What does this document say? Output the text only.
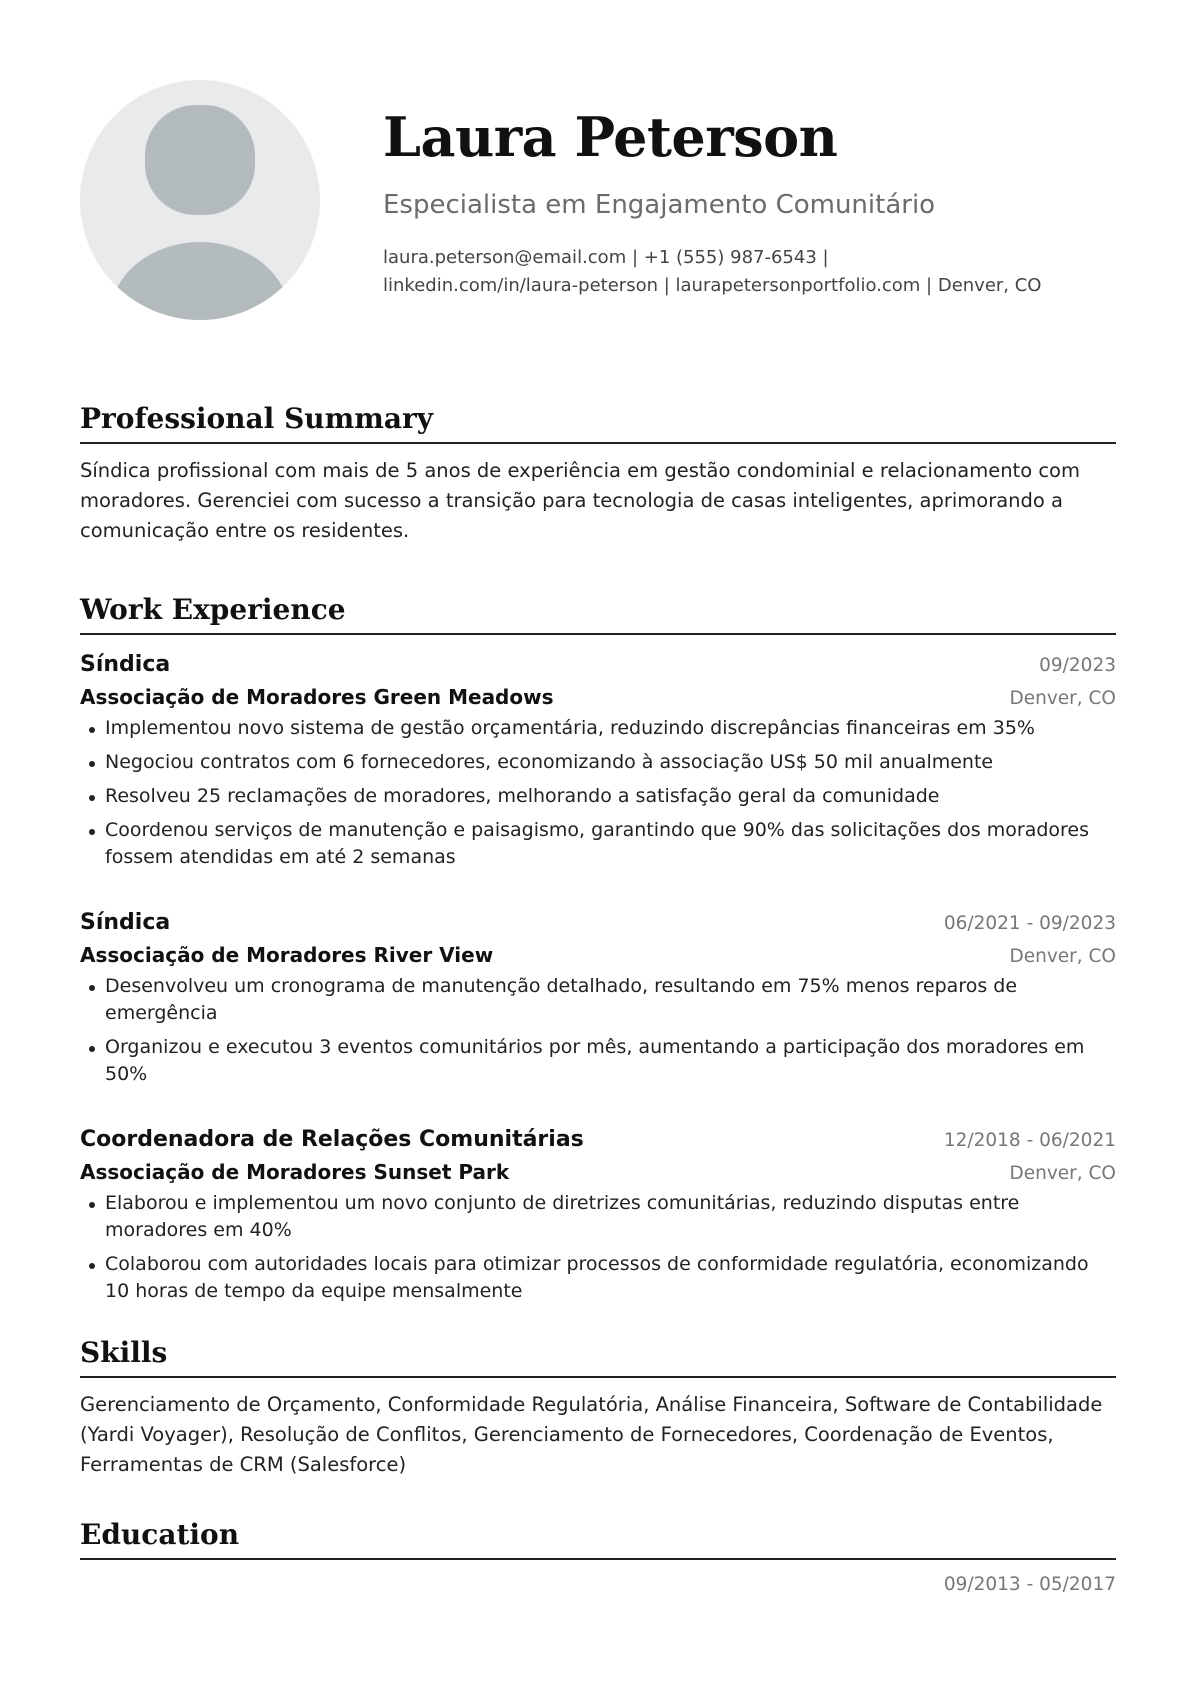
Laura Peterson
Especialista em Engajamento Comunitário
laura.peterson@email.com | +1 (555) 987-6543 |
linkedin.com/in/laura-peterson | laurapetersonportfolio.com | Denver, CO
Professional Summary
Síndica profissional com mais de 5 anos de experiência em gestão condominial e relacionamento com moradores. Gerenciei com sucesso a transição para tecnologia de casas inteligentes, aprimorando a comunicação entre os residentes.
Work Experience
Síndica	09/2023
Associação de Moradores Green Meadows	Denver, CO
Implementou novo sistema de gestão orçamentária, reduzindo discrepâncias financeiras em 35%
Negociou contratos com 6 fornecedores, economizando à associação US$ 50 mil anualmente
Resolveu 25 reclamações de moradores, melhorando a satisfação geral da comunidade
Coordenou serviços de manutenção e paisagismo, garantindo que 90% das solicitações dos moradores fossem atendidas em até 2 semanas
Síndica	06/2021 - 09/2023
Associação de Moradores River View	Denver, CO
Desenvolveu um cronograma de manutenção detalhado, resultando em 75% menos reparos de emergência
Organizou e executou 3 eventos comunitários por mês, aumentando a participação dos moradores em 50%
Coordenadora de Relações Comunitárias	12/2018 - 06/2021
Associação de Moradores Sunset Park	Denver, CO
Elaborou e implementou um novo conjunto de diretrizes comunitárias, reduzindo disputas entre moradores em 40%
Colaborou com autoridades locais para otimizar processos de conformidade regulatória, economizando 10 horas de tempo da equipe mensalmente
Skills
Gerenciamento de Orçamento, Conformidade Regulatória, Análise Financeira, Software de Contabilidade (Yardi Voyager), Resolução de Conflitos, Gerenciamento de Fornecedores, Coordenação de Eventos, Ferramentas de CRM (Salesforce)
Education
09/2013 - 05/2017
